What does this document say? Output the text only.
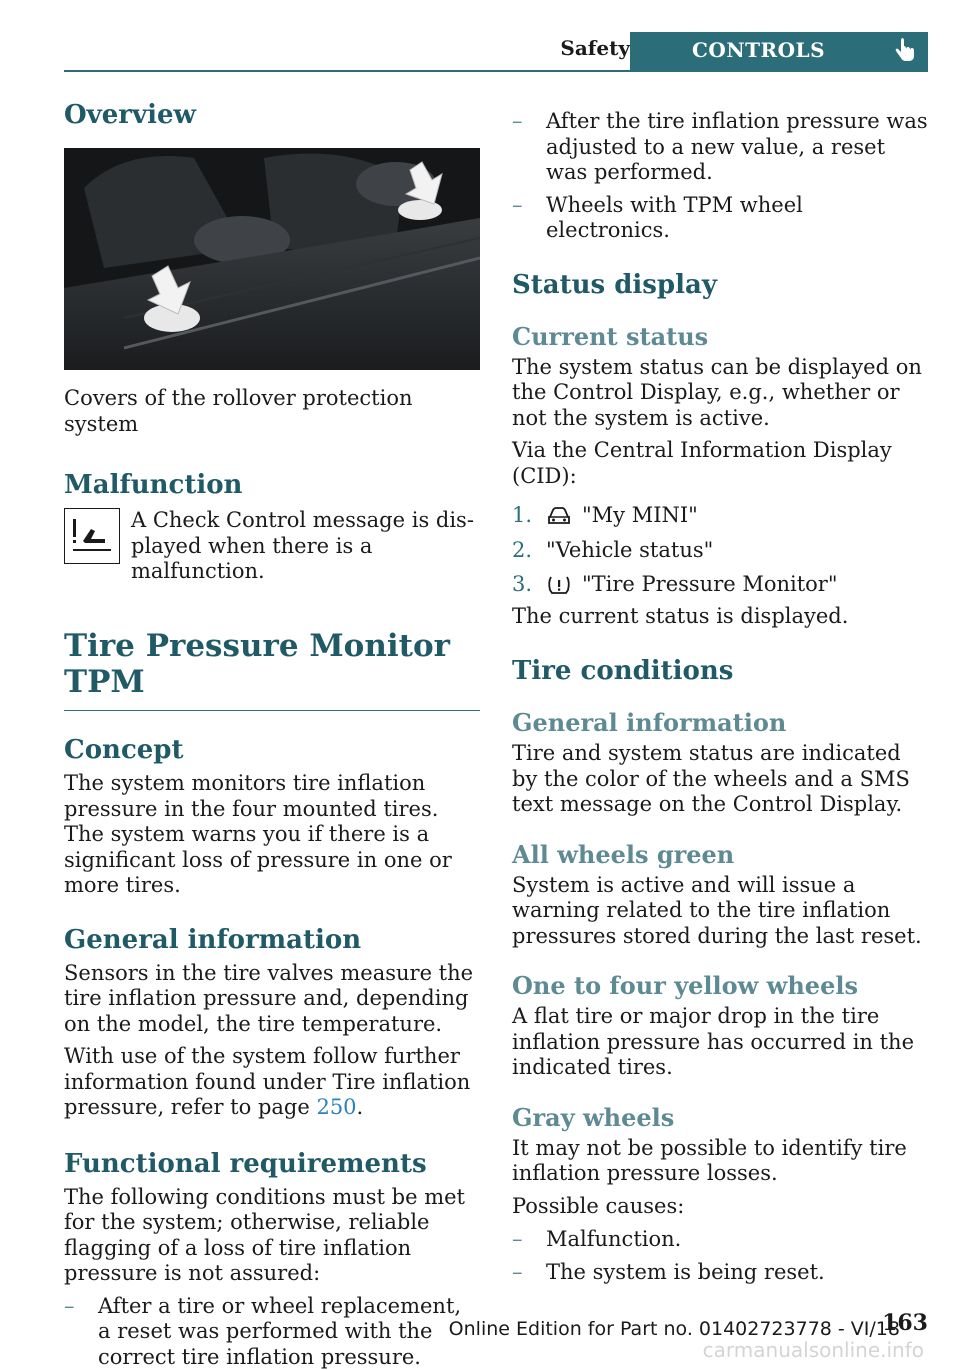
Safety	CONTROLS
Overview

Covers of the rollover protection system

Malfunction

A Check Control message is displayed when there is a malfunction.

Tire Pressure Monitor TPM
Concept

The system monitors tire inflation pressure in the four mounted tires. The system warns you if there is a significant loss of pressure in one or more tires.

General information

Sensors in the tire valves measure the tire inflation pressure and, depending on the model, the tire temperature.

With use of the system follow further information found under Tire inflation pressure, refer to page 250.

Functional requirements

The following conditions must be met for the system; otherwise, reliable flagging of a loss of tire inflation pressure is not assured:

– After a tire or wheel replacement, a reset was performed with the correct tire inflation pressure.
– After the tire inflation pressure was adjusted to a new value, a reset was performed.
– Wheels with TPM wheel electronics.
Status display
Current status

The system status can be displayed on the Control Display, e.g., whether or not the system is active.

Via the Central Information Display (CID):

1. "My MINI"
2. "Vehicle status"
3. "Tire Pressure Monitor"

The current status is displayed.

Tire conditions
General information

Tire and system status are indicated by the color of the wheels and a SMS text message on the Control Display.

All wheels green

System is active and will issue a warning related to the tire inflation pressures stored during the last reset.

One to four yellow wheels

A flat tire or major drop in the tire inflation pressure has occurred in the indicated tires.

Gray wheels

It may not be possible to identify tire inflation pressure losses.

Possible causes:

– Malfunction.
– The system is being reset.
163
Online Edition for Part no. 01402723778 - VI/18
carmanualsonline.info
